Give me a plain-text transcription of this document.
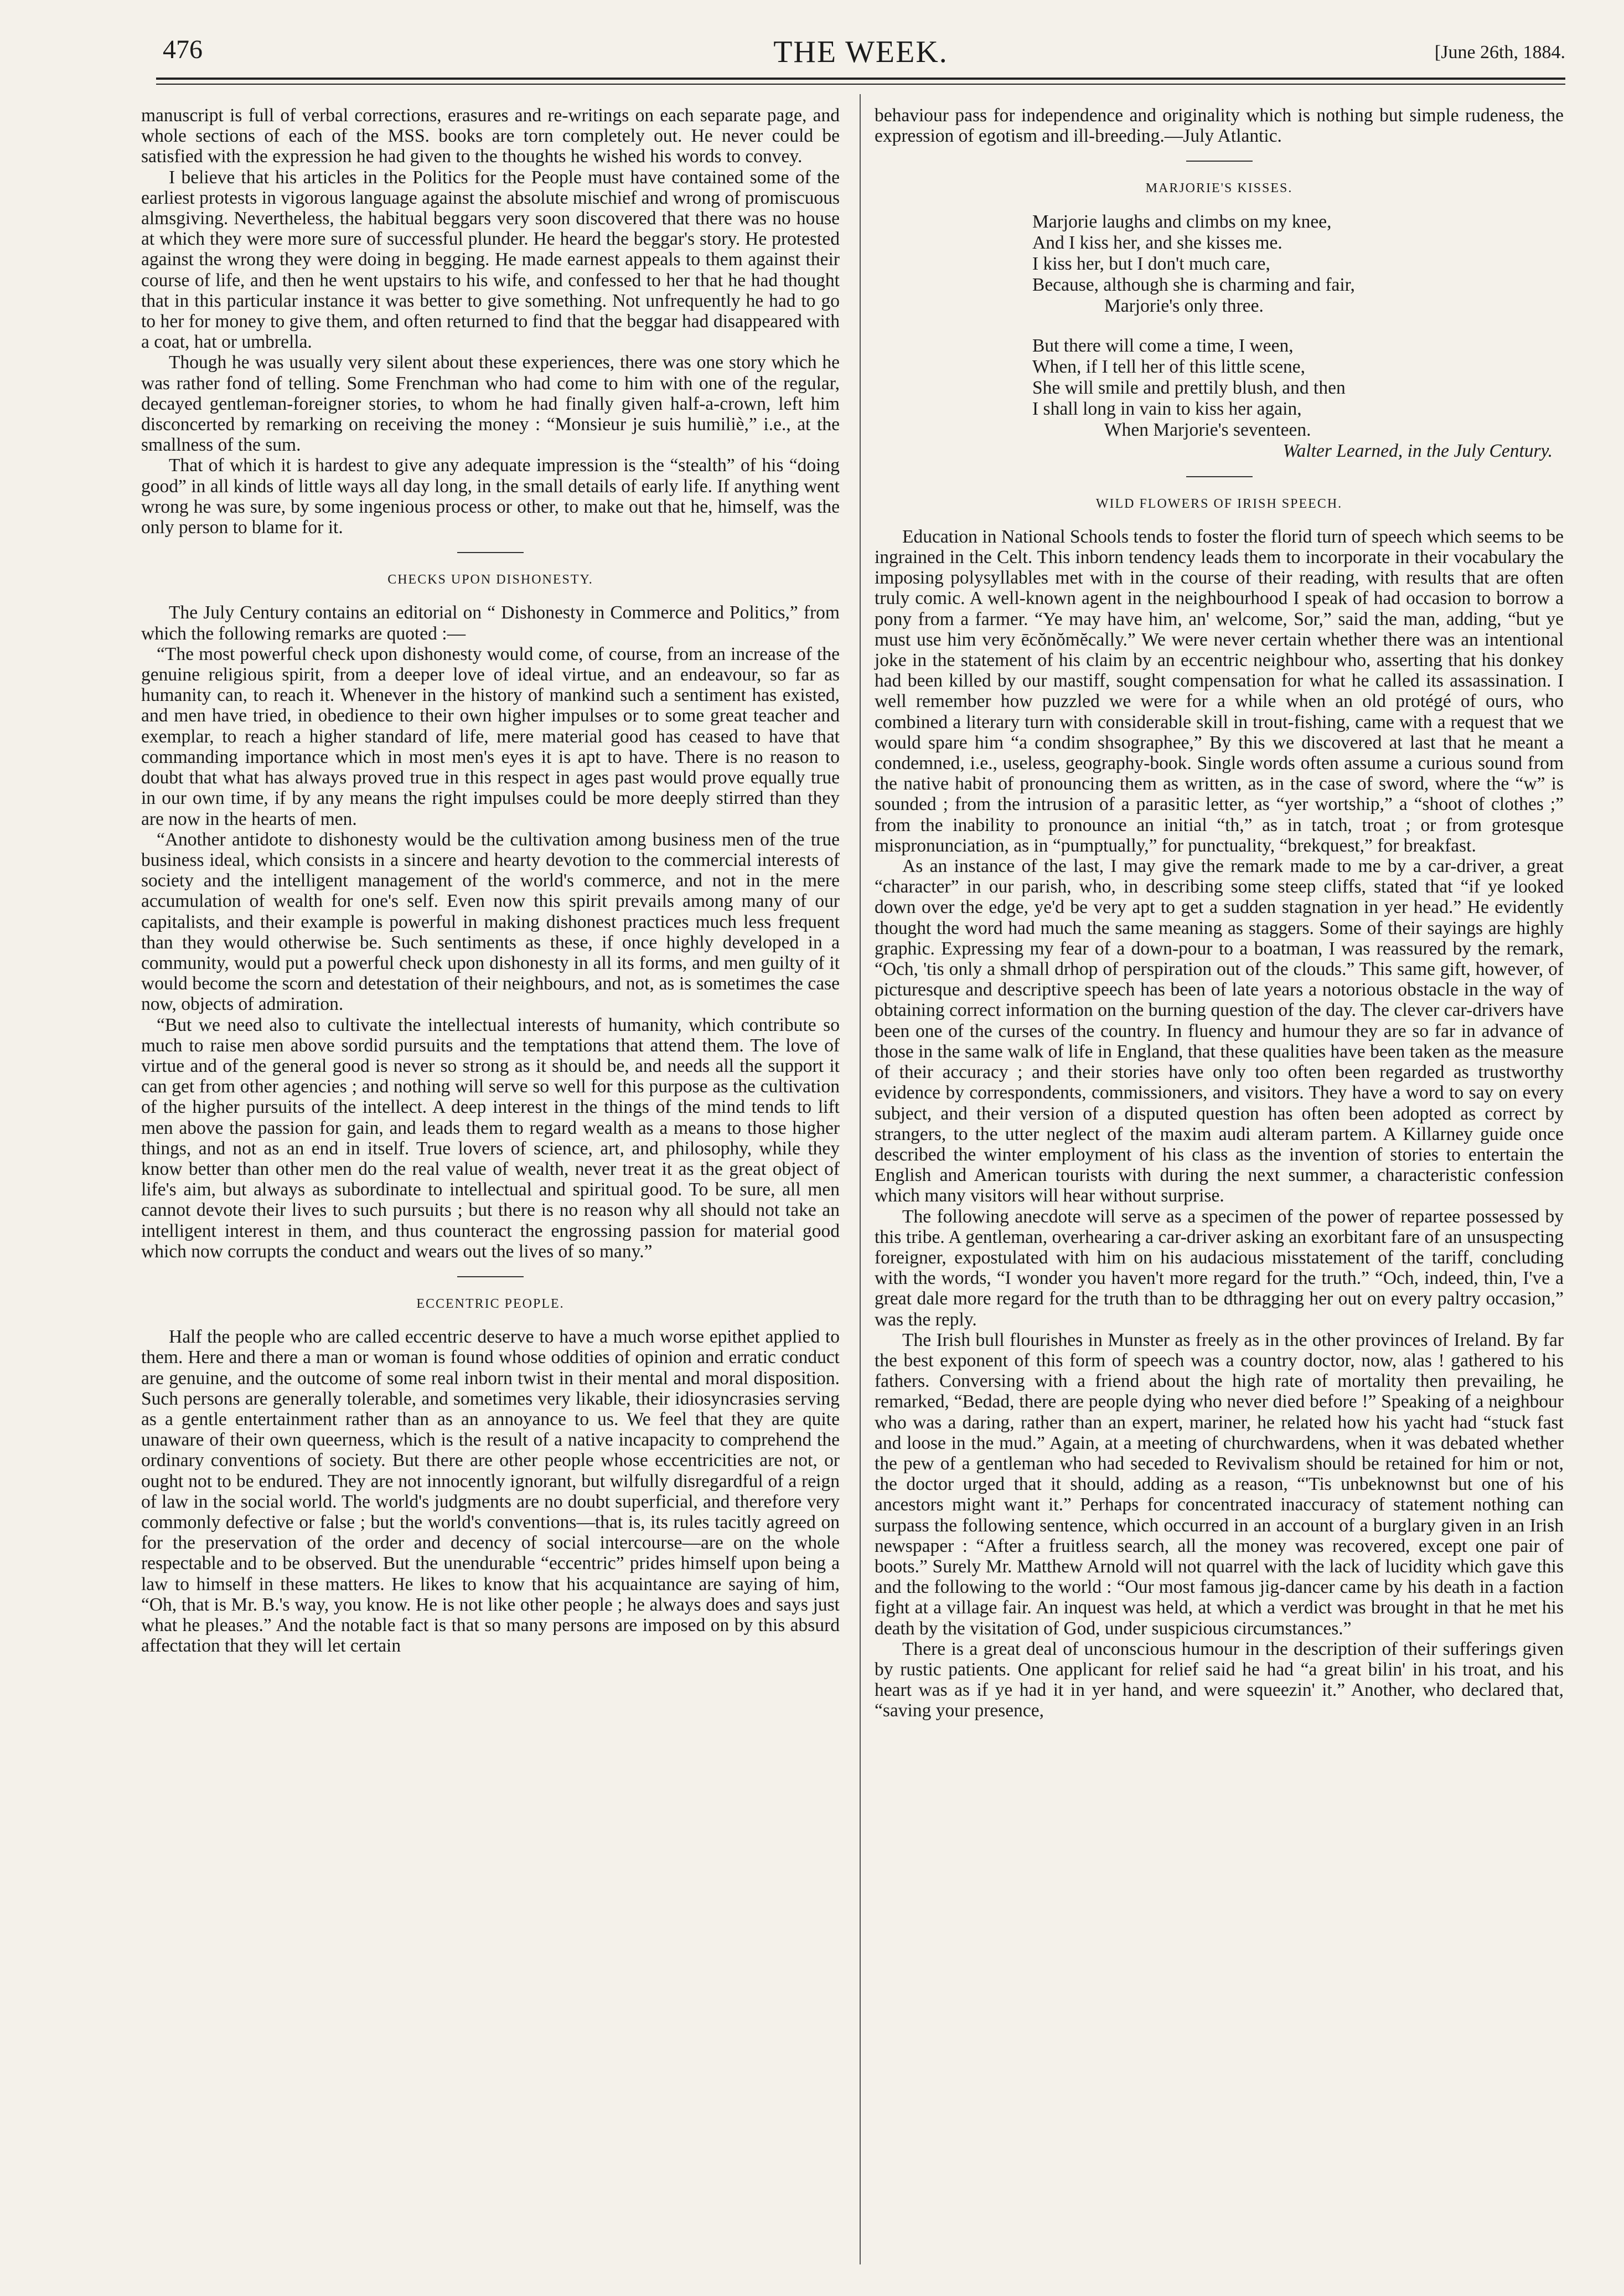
476	THE WEEK.	[June 26th, 1884.

manuscript is full of verbal corrections, erasures and re-writings on each separate page, and whole sections of each of the MSS. books are torn completely out. He never could be satisfied with the expression he had given to the thoughts he wished his words to convey.

I believe that his articles in the Politics for the People must have contained some of the earliest protests in vigorous language against the absolute mischief and wrong of promiscuous almsgiving. Nevertheless, the habitual beggars very soon discovered that there was no house at which they were more sure of successful plunder. He heard the beggar's story. He protested against the wrong they were doing in begging. He made earnest appeals to them against their course of life, and then he went upstairs to his wife, and confessed to her that he had thought that in this particular instance it was better to give something. Not unfrequently he had to go to her for money to give them, and often returned to find that the beggar had disappeared with a coat, hat or umbrella.

Though he was usually very silent about these experiences, there was one story which he was rather fond of telling. Some Frenchman who had come to him with one of the regular, decayed gentleman-foreigner stories, to whom he had finally given half-a-crown, left him disconcerted by remarking on receiving the money : “Monsieur je suis humiliè,” i.e., at the smallness of the sum.

That of which it is hardest to give any adequate impression is the “stealth” of his “doing good” in all kinds of little ways all day long, in the small details of early life. If anything went wrong he was sure, by some ingenious process or other, to make out that he, himself, was the only person to blame for it.

CHECKS UPON DISHONESTY.

The July Century contains an editorial on “ Dishonesty in Commerce and Politics,” from which the following remarks are quoted :—

“The most powerful check upon dishonesty would come, of course, from an increase of the genuine religious spirit, from a deeper love of ideal virtue, and an endeavour, so far as humanity can, to reach it. Whenever in the history of mankind such a sentiment has existed, and men have tried, in obedience to their own higher impulses or to some great teacher and exemplar, to reach a higher standard of life, mere material good has ceased to have that commanding importance which in most men's eyes it is apt to have. There is no reason to doubt that what has always proved true in this respect in ages past would prove equally true in our own time, if by any means the right impulses could be more deeply stirred than they are now in the hearts of men.

“Another antidote to dishonesty would be the cultivation among business men of the true business ideal, which consists in a sincere and hearty devotion to the commercial interests of society and the intelligent management of the world's commerce, and not in the mere accumulation of wealth for one's self. Even now this spirit prevails among many of our capitalists, and their example is powerful in making dishonest practices much less frequent than they would otherwise be. Such sentiments as these, if once highly developed in a community, would put a powerful check upon dishonesty in all its forms, and men guilty of it would become the scorn and detestation of their neighbours, and not, as is sometimes the case now, objects of admiration.

“But we need also to cultivate the intellectual interests of humanity, which contribute so much to raise men above sordid pursuits and the temptations that attend them. The love of virtue and of the general good is never so strong as it should be, and needs all the support it can get from other agencies ; and nothing will serve so well for this purpose as the cultivation of the higher pursuits of the intellect. A deep interest in the things of the mind tends to lift men above the passion for gain, and leads them to regard wealth as a means to those higher things, and not as an end in itself. True lovers of science, art, and philosophy, while they know better than other men do the real value of wealth, never treat it as the great object of life's aim, but always as subordinate to intellectual and spiritual good. To be sure, all men cannot devote their lives to such pursuits ; but there is no reason why all should not take an intelligent interest in them, and thus counteract the engrossing passion for material good which now corrupts the conduct and wears out the lives of so many.”

ECCENTRIC PEOPLE.

Half the people who are called eccentric deserve to have a much worse epithet applied to them. Here and there a man or woman is found whose oddities of opinion and erratic conduct are genuine, and the outcome of some real inborn twist in their mental and moral disposition. Such persons are generally tolerable, and sometimes very likable, their idiosyncrasies serving as a gentle entertainment rather than as an annoyance to us. We feel that they are quite unaware of their own queerness, which is the result of a native incapacity to comprehend the ordinary conventions of society. But there are other people whose eccentricities are not, or ought not to be endured. They are not innocently ignorant, but wilfully disregardful of a reign of law in the social world. The world's judgments are no doubt superficial, and therefore very commonly defective or false ; but the world's conventions—that is, its rules tacitly agreed on for the preservation of the order and decency of social intercourse—are on the whole respectable and to be observed. But the unendurable “eccentric” prides himself upon being a law to himself in these matters. He likes to know that his acquaintance are saying of him, “Oh, that is Mr. B.'s way, you know. He is not like other people ; he always does and says just what he pleases.” And the notable fact is that so many persons are imposed on by this absurd affectation that they will let certain

behaviour pass for independence and originality which is nothing but simple rudeness, the expression of egotism and ill-breeding.—July Atlantic.

MARJORIE'S KISSES.
Marjorie laughs and climbs on my knee,
And I kiss her, and she kisses me.
I kiss her, but I don't much care,
Because, although she is charming and fair,
Marjorie's only three.
But there will come a time, I ween,
When, if I tell her of this little scene,
She will smile and prettily blush, and then
I shall long in vain to kiss her again,
When Marjorie's seventeen.
Walter Learned, in the July Century.
WILD FLOWERS OF IRISH SPEECH.

Education in National Schools tends to foster the florid turn of speech which seems to be ingrained in the Celt. This inborn tendency leads them to incorporate in their vocabulary the imposing polysyllables met with in the course of their reading, with results that are often truly comic. A well-known agent in the neighbourhood I speak of had occasion to borrow a pony from a farmer. “Ye may have him, an' welcome, Sor,” said the man, adding, “but ye must use him very ēcŏnŏmĕcally.” We were never certain whether there was an intentional joke in the statement of his claim by an eccentric neighbour who, asserting that his donkey had been killed by our mastiff, sought compensation for what he called its assassination. I well remember how puzzled we were for a while when an old protégé of ours, who combined a literary turn with considerable skill in trout-fishing, came with a request that we would spare him “a condim shsographee,” By this we discovered at last that he meant a condemned, i.e., useless, geography-book. Single words often assume a curious sound from the native habit of pronouncing them as written, as in the case of sword, where the “w” is sounded ; from the intrusion of a parasitic letter, as “yer wortship,” a “shoot of clothes ;” from the inability to pronounce an initial “th,” as in tatch, troat ; or from grotesque mispronunciation, as in “pumptually,” for punctuality, “brekquest,” for breakfast.

As an instance of the last, I may give the remark made to me by a car-driver, a great “character” in our parish, who, in describing some steep cliffs, stated that “if ye looked down over the edge, ye'd be very apt to get a sudden stagnation in yer head.” He evidently thought the word had much the same meaning as staggers. Some of their sayings are highly graphic. Expressing my fear of a down-pour to a boatman, I was reassured by the remark, “Och, 'tis only a shmall drhop of perspiration out of the clouds.” This same gift, however, of picturesque and descriptive speech has been of late years a notorious obstacle in the way of obtaining correct information on the burning question of the day. The clever car-drivers have been one of the curses of the country. In fluency and humour they are so far in advance of those in the same walk of life in England, that these qualities have been taken as the measure of their accuracy ; and their stories have only too often been regarded as trustworthy evidence by correspondents, commissioners, and visitors. They have a word to say on every subject, and their version of a disputed question has often been adopted as correct by strangers, to the utter neglect of the maxim audi alteram partem. A Killarney guide once described the winter employment of his class as the invention of stories to entertain the English and American tourists with during the next summer, a characteristic confession which many visitors will hear without surprise.

The following anecdote will serve as a specimen of the power of repartee possessed by this tribe. A gentleman, overhearing a car-driver asking an exorbitant fare of an unsuspecting foreigner, expostulated with him on his audacious misstatement of the tariff, concluding with the words, “I wonder you haven't more regard for the truth.” “Och, indeed, thin, I've a great dale more regard for the truth than to be dthragging her out on every paltry occasion,” was the reply.

The Irish bull flourishes in Munster as freely as in the other provinces of Ireland. By far the best exponent of this form of speech was a country doctor, now, alas ! gathered to his fathers. Conversing with a friend about the high rate of mortality then prevailing, he remarked, “Bedad, there are people dying who never died before !” Speaking of a neighbour who was a daring, rather than an expert, mariner, he related how his yacht had “stuck fast and loose in the mud.” Again, at a meeting of churchwardens, when it was debated whether the pew of a gentleman who had seceded to Revivalism should be retained for him or not, the doctor urged that it should, adding as a reason, “'Tis unbeknownst but one of his ancestors might want it.” Perhaps for concentrated inaccuracy of statement nothing can surpass the following sentence, which occurred in an account of a burglary given in an Irish newspaper : “After a fruitless search, all the money was recovered, except one pair of boots.” Surely Mr. Matthew Arnold will not quarrel with the lack of lucidity which gave this and the following to the world : “Our most famous jig-dancer came by his death in a faction fight at a village fair. An inquest was held, at which a verdict was brought in that he met his death by the visitation of God, under suspicious circumstances.”

There is a great deal of unconscious humour in the description of their sufferings given by rustic patients. One applicant for relief said he had “a great bilin' in his troat, and his heart was as if ye had it in yer hand, and were squeezin' it.” Another, who declared that, “saving your presence,
